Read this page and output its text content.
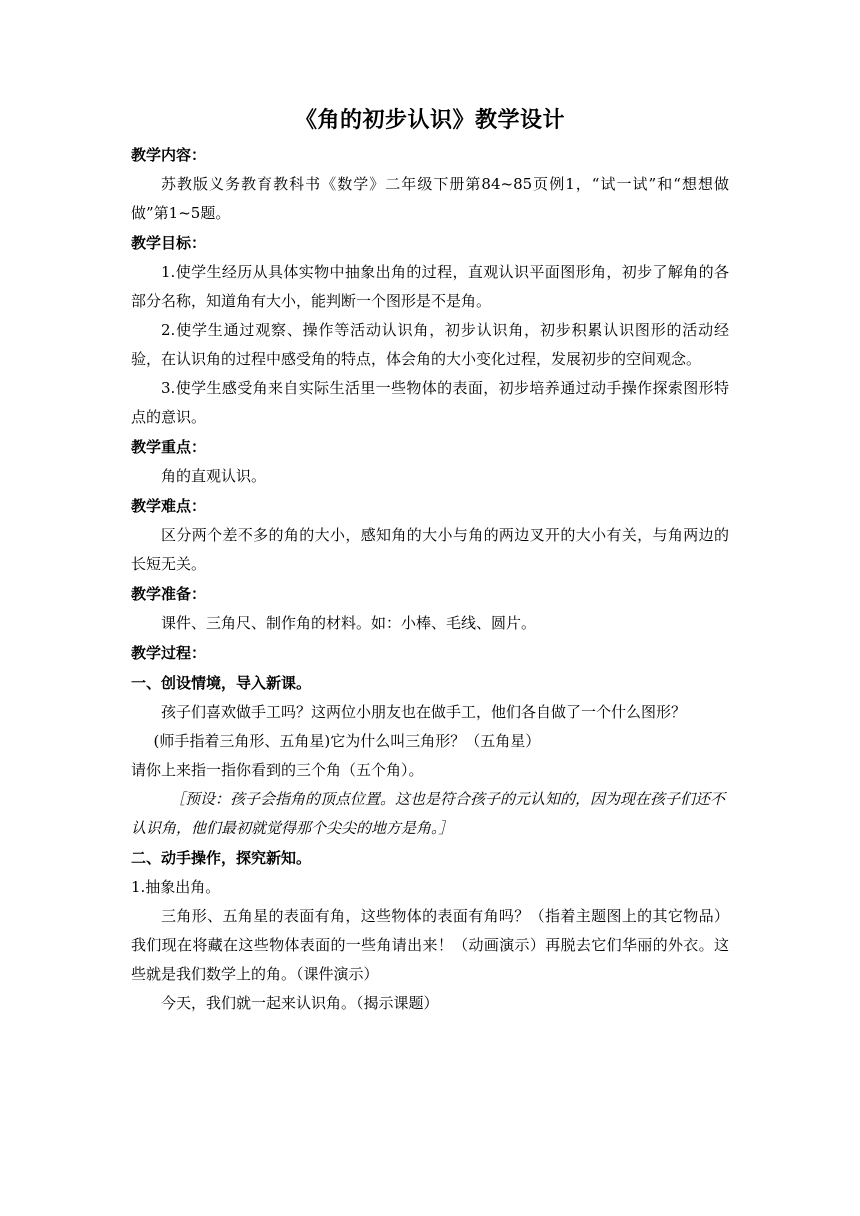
《角的初步认识》教学设计
教学内容：

苏教版义务教育教科书《数学》二年级下册第84~85页例1，“试一试”和“想想做做”第1~5题。

教学目标：

1.使学生经历从具体实物中抽象出角的过程，直观认识平面图形角，初步了解角的各部分名称，知道角有大小，能判断一个图形是不是角。

2.使学生通过观察、操作等活动认识角，初步认识角，初步积累认识图形的活动经验，在认识角的过程中感受角的特点，体会角的大小变化过程，发展初步的空间观念。

3.使学生感受角来自实际生活里一些物体的表面，初步培养通过动手操作探索图形特点的意识。

教学重点：

角的直观认识。

教学难点：

区分两个差不多的角的大小，感知角的大小与角的两边叉开的大小有关，与角两边的长短无关。

教学准备：

课件、三角尺、制作角的材料。如：小棒、毛线、圆片。

教学过程：
一、创设情境，导入新课。

孩子们喜欢做手工吗？这两位小朋友也在做手工，他们各自做了一个什么图形？

(师手指着三角形、五角星)它为什么叫三角形？（五角星）

请你上来指一指你看到的三个角（五个角）。

［预设：孩子会指角的顶点位置。这也是符合孩子的元认知的，因为现在孩子们还不认识角，他们最初就觉得那个尖尖的地方是角。］

二、动手操作，探究新知。

1.抽象出角。

三角形、五角星的表面有角，这些物体的表面有角吗？（指着主题图上的其它物品）我们现在将藏在这些物体表面的一些角请出来！（动画演示）再脱去它们华丽的外衣。这些就是我们数学上的角。（课件演示）

今天，我们就一起来认识角。（揭示课题）
